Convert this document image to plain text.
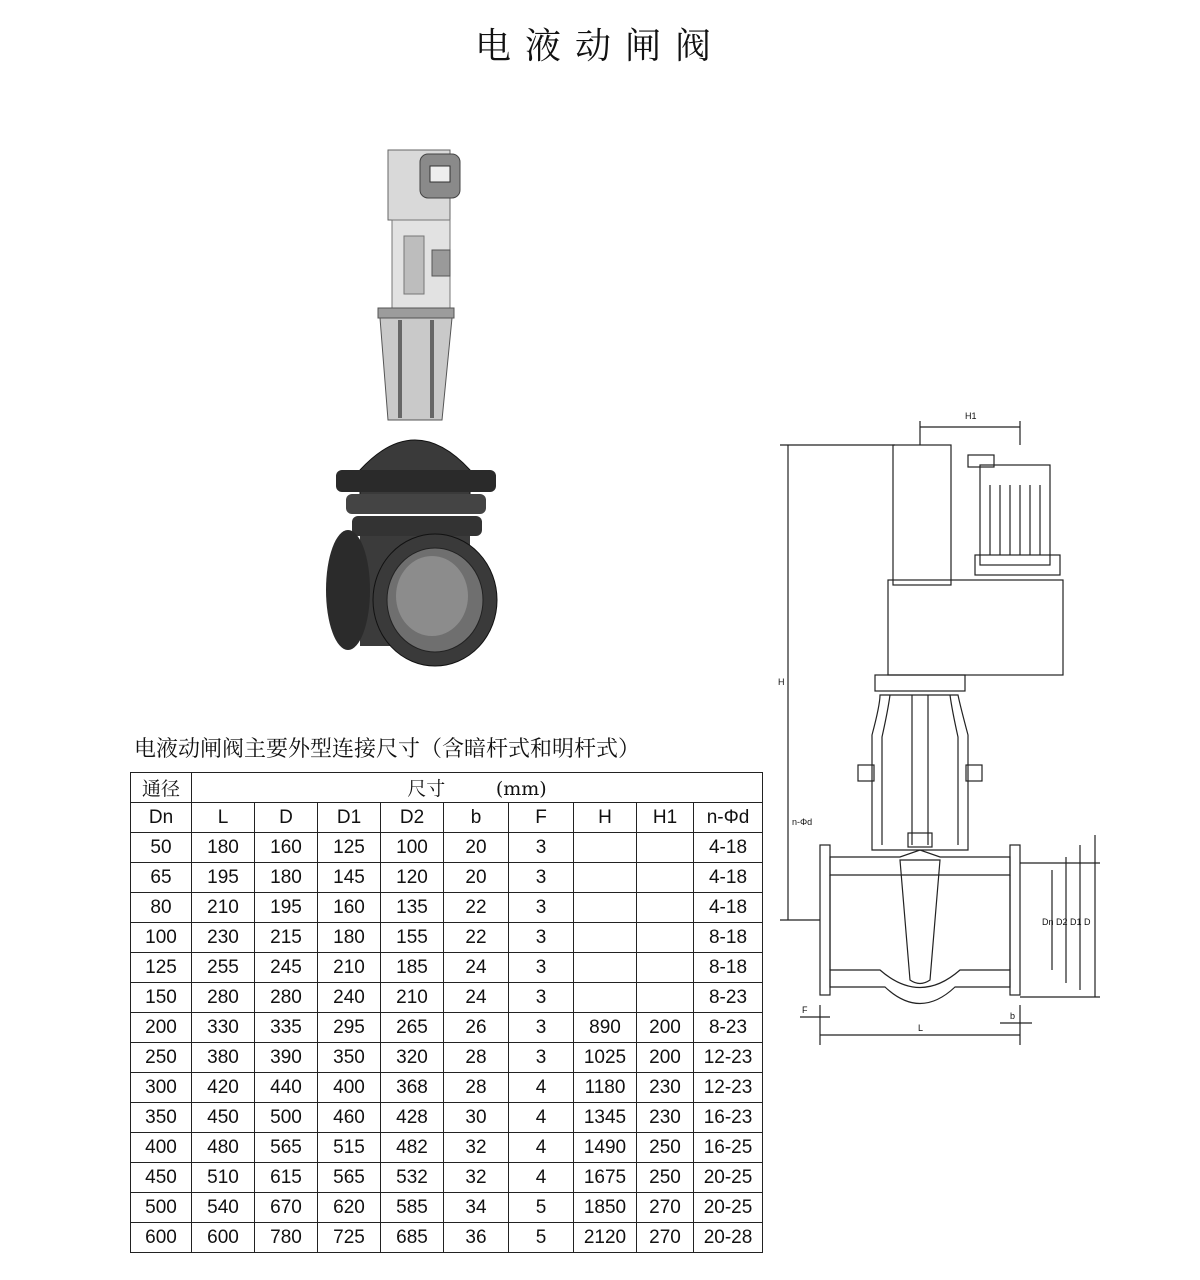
电液动闸阀
H1
H
n-Φd
Dn D2 D1 D
F
b
L
电液动闸阀主要外型连接尺寸（含暗杆式和明杆式）
通径	尺寸 (mm)								
Dn	L	D	D1	D2	b	F	H	H1	n-Φd
50	180	160	125	100	20	3			4-18
65	195	180	145	120	20	3			4-18
80	210	195	160	135	22	3			4-18
100	230	215	180	155	22	3			8-18
125	255	245	210	185	24	3			8-18
150	280	280	240	210	24	3			8-23
200	330	335	295	265	26	3	890	200	8-23
250	380	390	350	320	28	3	1025	200	12-23
300	420	440	400	368	28	4	1180	230	12-23
350	450	500	460	428	30	4	1345	230	16-23
400	480	565	515	482	32	4	1490	250	16-25
450	510	615	565	532	32	4	1675	250	20-25
500	540	670	620	585	34	5	1850	270	20-25
600	600	780	725	685	36	5	2120	270	20-28
